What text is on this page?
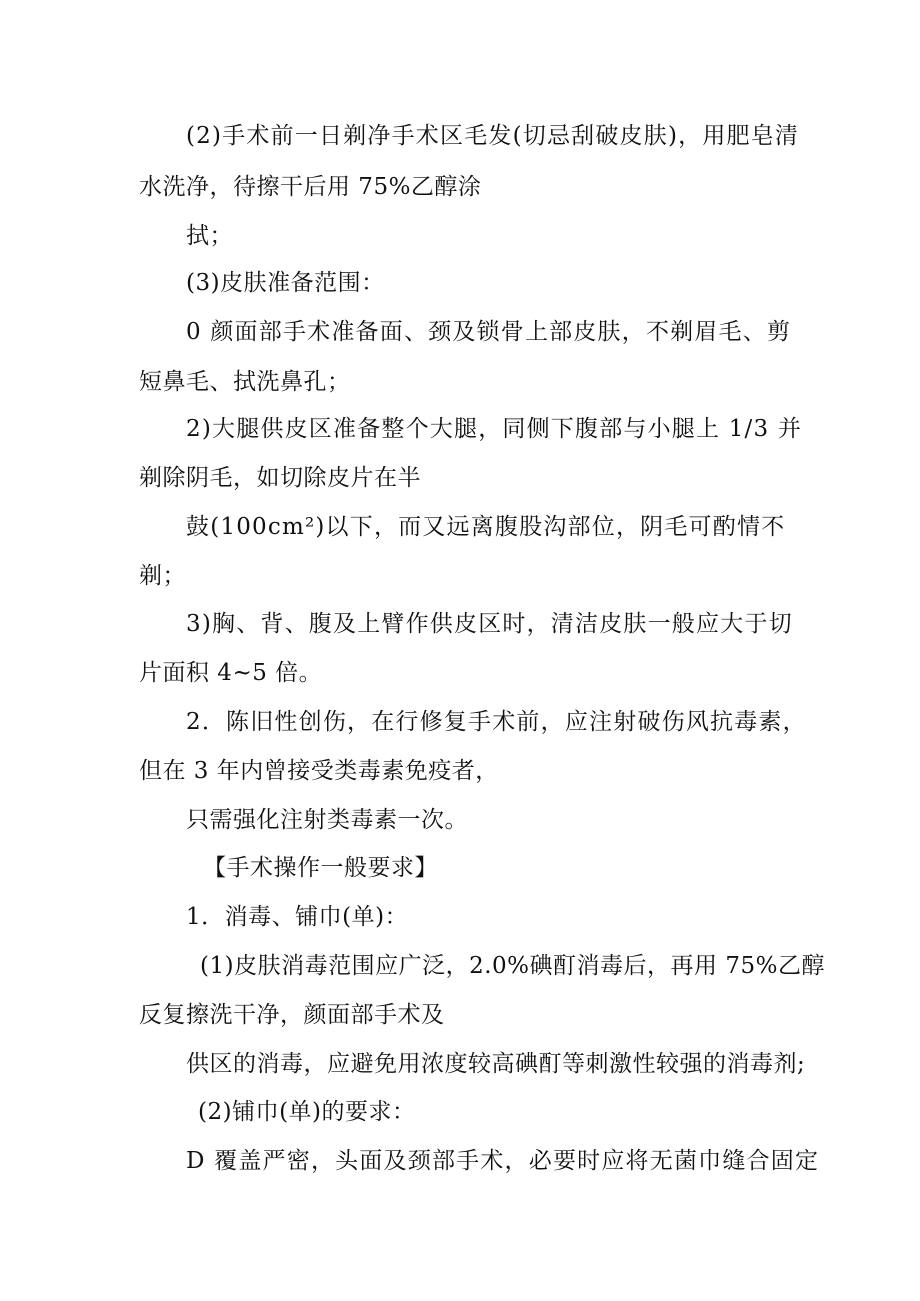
(2)手术前一日剃净手术区毛发(切忌刮破皮肤)，用肥皂清
水洗净，待擦干后用 75%乙醇涂
拭；
(3)皮肤准备范围：
0 颜面部手术准备面、颈及锁骨上部皮肤，不剃眉毛、剪
短鼻毛、拭洗鼻孔；
2)大腿供皮区准备整个大腿，同侧下腹部与小腿上 1/3 并
剃除阴毛，如切除皮片在半
鼓(100cm²)以下，而又远离腹股沟部位，阴毛可酌情不
剃；
3)胸、背、腹及上臂作供皮区时，清洁皮肤一般应大于切
片面积 4~5 倍。
2．陈旧性创伤，在行修复手术前，应注射破伤风抗毒素，
但在 3 年内曾接受类毒素免疫者，
只需强化注射类毒素一次。
【手术操作一般要求】
1．消毒、铺巾(单)：
(1)皮肤消毒范围应广泛，2.0%碘酊消毒后，再用 75%乙醇
反复擦洗干净，颜面部手术及
供区的消毒，应避免用浓度较高碘酊等刺激性较强的消毒剂;
(2)铺巾(单)的要求：
D 覆盖严密，头面及颈部手术，必要时应将无菌巾缝合固定
